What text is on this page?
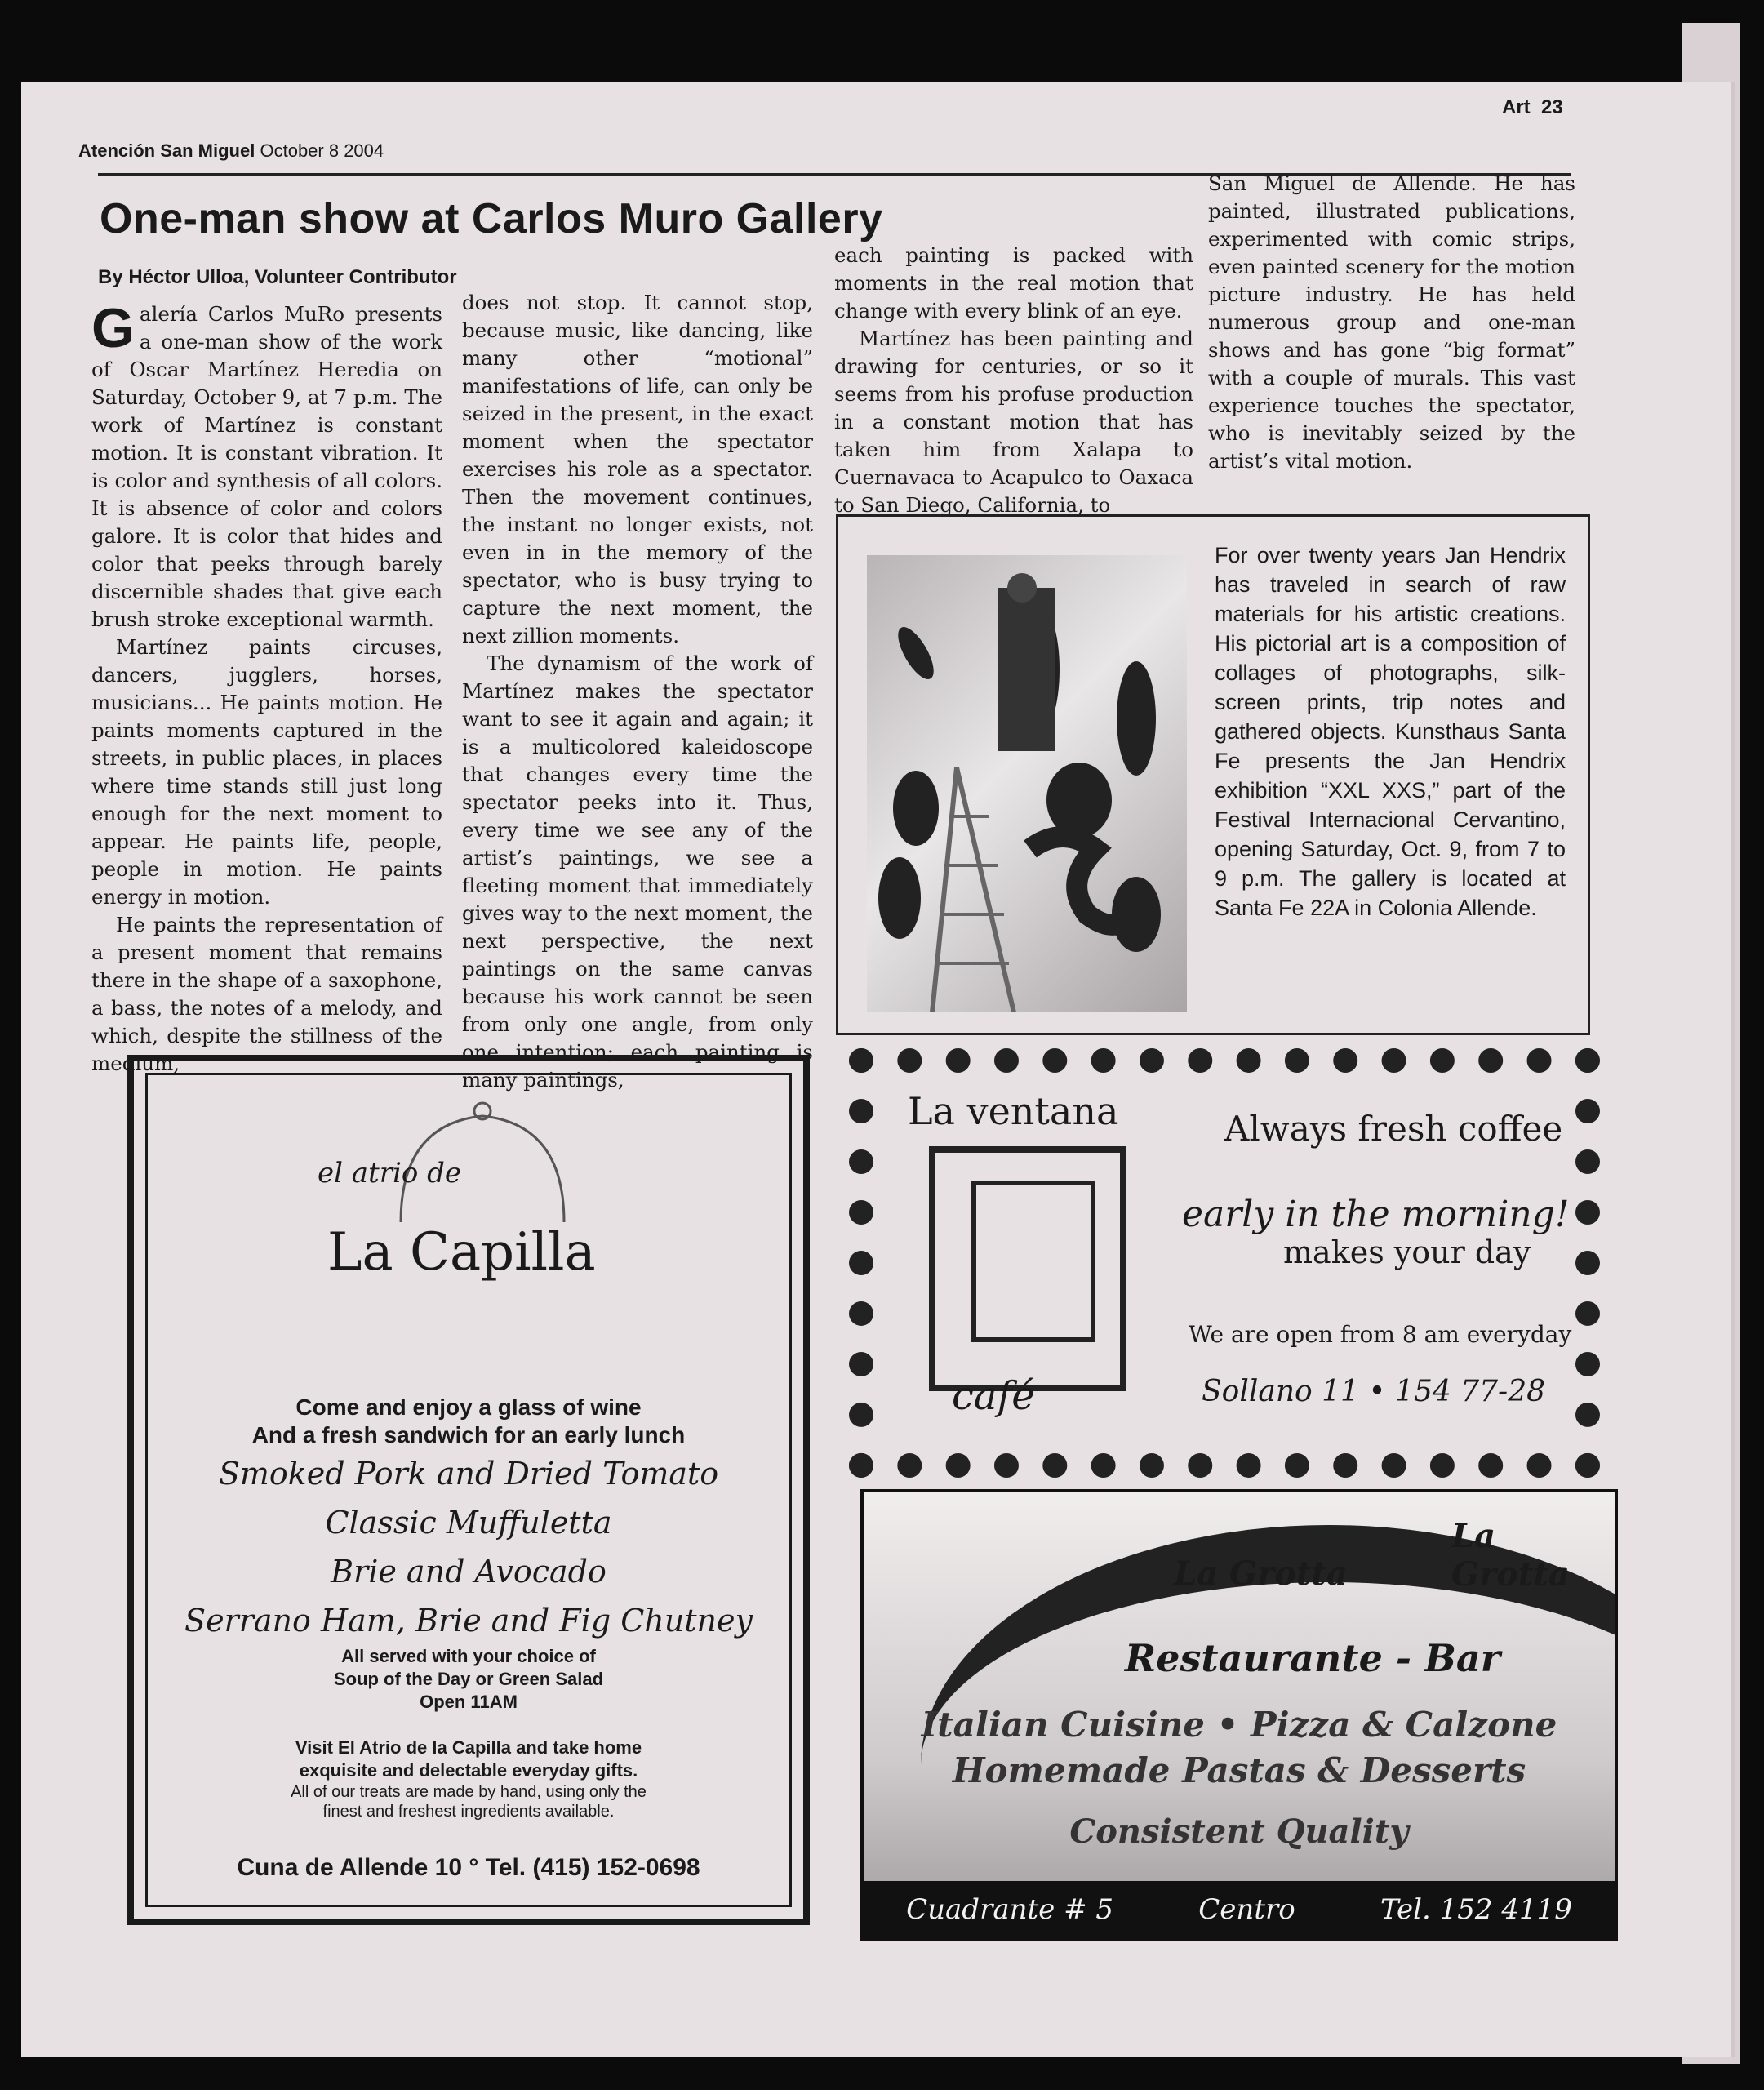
Atención San Miguel October 8 2004
Art 23
One-man show at Carlos Muro Gallery
By Héctor Ulloa, Volunteer Contributor

Galería Carlos MuRo presents a one-man show of the work of Oscar Martínez Heredia on Saturday, October 9, at 7 p.m. The work of Martínez is constant motion. It is constant vibration. It is color and synthesis of all colors. It is absence of color and colors galore. It is color that hides and color that peeks through barely discernible shades that give each brush stroke exceptional warmth.

Martínez paints circuses, dancers, jugglers, horses, musicians... He paints motion. He paints moments captured in the streets, in public places, in places where time stands still just long enough for the next moment to appear. He paints life, people, people in motion. He paints energy in motion.

He paints the representation of a present moment that remains there in the shape of a saxophone, a bass, the notes of a melody, and which, despite the stillness of the medium,

does not stop. It cannot stop, because music, like dancing, like many other “motional” manifestations of life, can only be seized in the present, in the exact moment when the spectator exercises his role as a spectator. Then the movement continues, the instant no longer exists, not even in in the memory of the spectator, who is busy trying to capture the next moment, the next zillion moments.

The dynamism of the work of Martínez makes the spectator want to see it again and again; it is a multicolored kaleidoscope that changes every time the spectator peeks into it. Thus, every time we see any of the artist’s paintings, we see a fleeting moment that immediately gives way to the next moment, the next perspective, the next paintings on the same canvas because his work cannot be seen from only one angle, from only one intention; each painting is many paintings,

each painting is packed with moments in the real motion that change with every blink of an eye.

Martínez has been painting and drawing for centuries, or so it seems from his profuse production in a constant motion that has taken him from Xalapa to Cuernavaca to Acapulco to Oaxaca to San Diego, California, to

San Miguel de Allende. He has painted, illustrated publications, experimented with comic strips, even painted scenery for the motion picture industry. He has held numerous group and one-man shows and has gone “big format” with a couple of murals. This vast experience touches the spectator, who is inevitably seized by the artist’s vital motion.

For over twenty years Jan Hendrix has traveled in search of raw materials for his artistic creations. His pictorial art is a composition of collages of photographs, silk-screen prints, trip notes and gathered objects. Kunsthaus Santa Fe presents the Jan Hendrix exhibition “XXL XXS,” part of the Festival Internacional Cervantino, opening Saturday, Oct. 9, from 7 to 9 p.m. The gallery is located at Santa Fe 22A in Colonia Allende.
el atrio de
La Capilla
Come and enjoy a glass of wine
And a fresh sandwich for an early lunch
Smoked Pork and Dried Tomato
Classic Muffuletta
Brie and Avocado
Serrano Ham, Brie and Fig Chutney
All served with your choice of
Soup of the Day or Green Salad
Open 11AM
Visit El Atrio de la Capilla and take home
exquisite and delectable everyday gifts.
All of our treats are made by hand, using only the
finest and freshest ingredients available.
Cuna de Allende 10 ° Tel. (415) 152-0698
La ventana	Always fresh coffee
early in the morning!
makes your day
We are open from 8 am everyday
Sollano 11 • 154 77-28
café
La Grotta
La Grotta
Restaurante - Bar
Italian Cuisine • Pizza & Calzone
Homemade Pastas & Desserts
Consistent Quality
Cuadrante # 5	Centro	Tel. 152 4119
